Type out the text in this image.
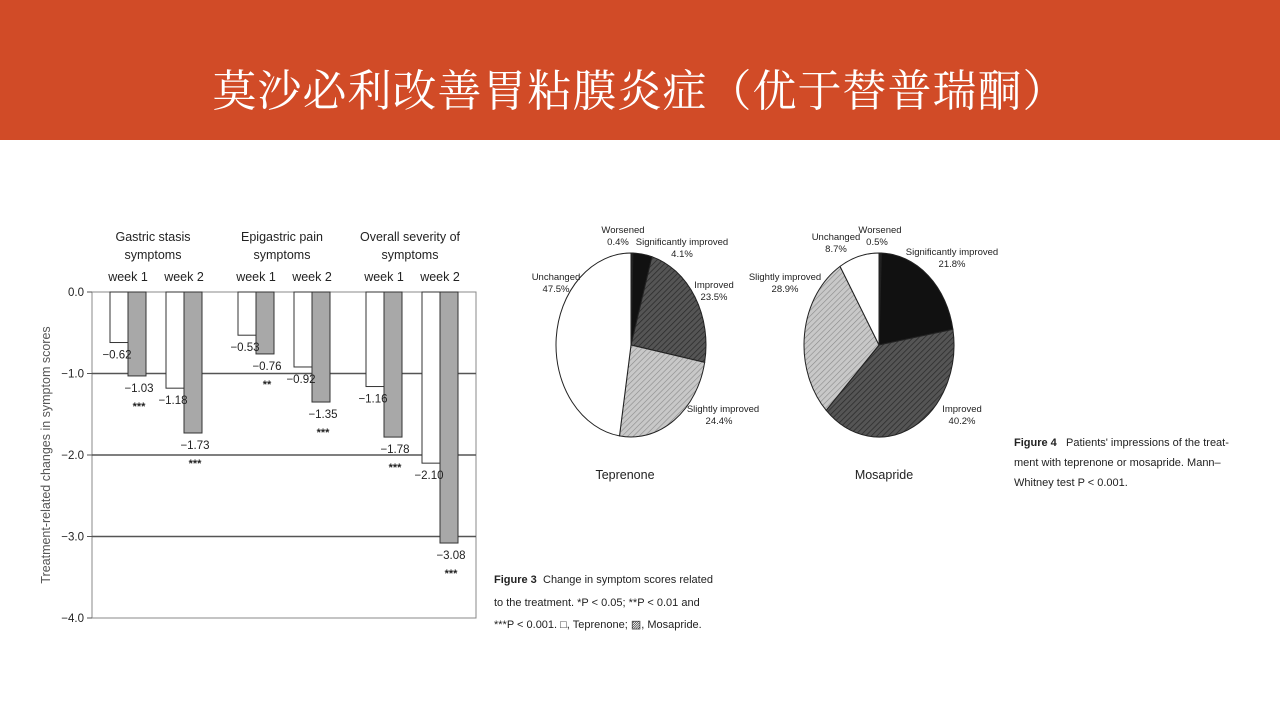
莫沙必利改善胃粘膜炎症（优于替普瑞酮）
0.0
−1.0
−2.0
−3.0
−4.0
week 1
−0.62
−1.03
***
week 2
−1.18
−1.73
***
week 1
−0.53
−0.76
**
week 2
−0.92
−1.35
***
week 1
−1.16
−1.78
***
week 2
−2.10
−3.08
***
Treatment-related changes in symptom scores
Gastric stasis
symptoms
Epigastric pain
symptoms
Overall severity of
symptoms
Teprenone	Mosapride
Worsened
0.4% Significantly improved
4.1%
Improved
23.5%
Slightly improved
24.4%
Unchanged
47.5%
Worsened
0.5%
Significantly improved
21.8%
Improved
40.2%
Slightly improved
28.9%
Unchanged
8.7%
Figure 3 Change in symptom scores related
to the treatment. *P < 0.05; **P < 0.01 and
***P < 0.001. □, Teprenone; ▨, Mosapride.
Figure 4 Patients' impressions of the treat-
ment with teprenone or mosapride. Mann–
Whitney test P < 0.001.
